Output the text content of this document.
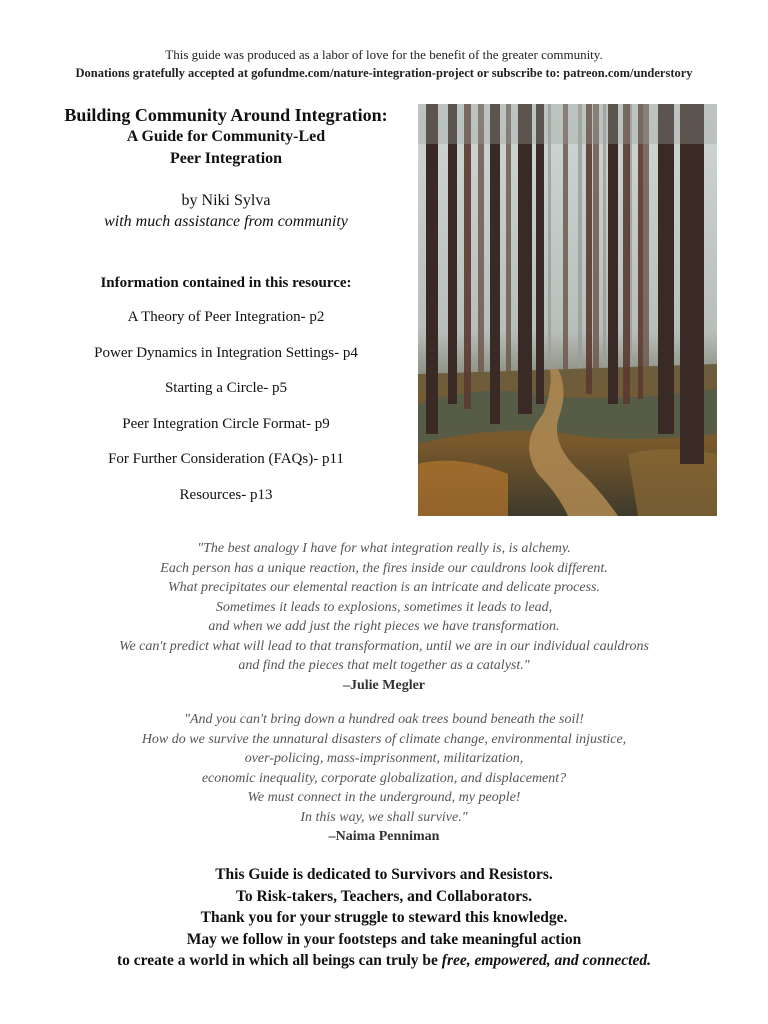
This guide was produced as a labor of love for the benefit of the greater community.
Donations gratefully accepted at gofundme.com/nature-integration-project or subscribe to: patreon.com/understory
Building Community Around Integration:
A Guide for Community-Led
Peer Integration
by Niki Sylva
with much assistance from community
Information contained in this resource:
A Theory of Peer Integration- p2
Power Dynamics in Integration Settings- p4
Starting a Circle- p5
Peer Integration Circle Format- p9
For Further Consideration (FAQs)- p11
Resources- p13
"The best analogy I have for what integration really is, is alchemy.
Each person has a unique reaction, the fires inside our cauldrons look different.
What precipitates our elemental reaction is an intricate and delicate process.
Sometimes it leads to explosions, sometimes it leads to lead,
and when we add just the right pieces we have transformation.
We can't predict what will lead to that transformation, until we are in our individual cauldrons
and find the pieces that melt together as a catalyst."
–Julie Megler
"And you can't bring down a hundred oak trees bound beneath the soil!
How do we survive the unnatural disasters of climate change, environmental injustice,
over-policing, mass-imprisonment, militarization,
economic inequality, corporate globalization, and displacement?
We must connect in the underground, my people!
In this way, we shall survive."
–Naima Penniman
This Guide is dedicated to Survivors and Resistors.
To Risk-takers, Teachers, and Collaborators.
Thank you for your struggle to steward this knowledge.
May we follow in your footsteps and take meaningful action
to create a world in which all beings can truly be free, empowered, and connected.
